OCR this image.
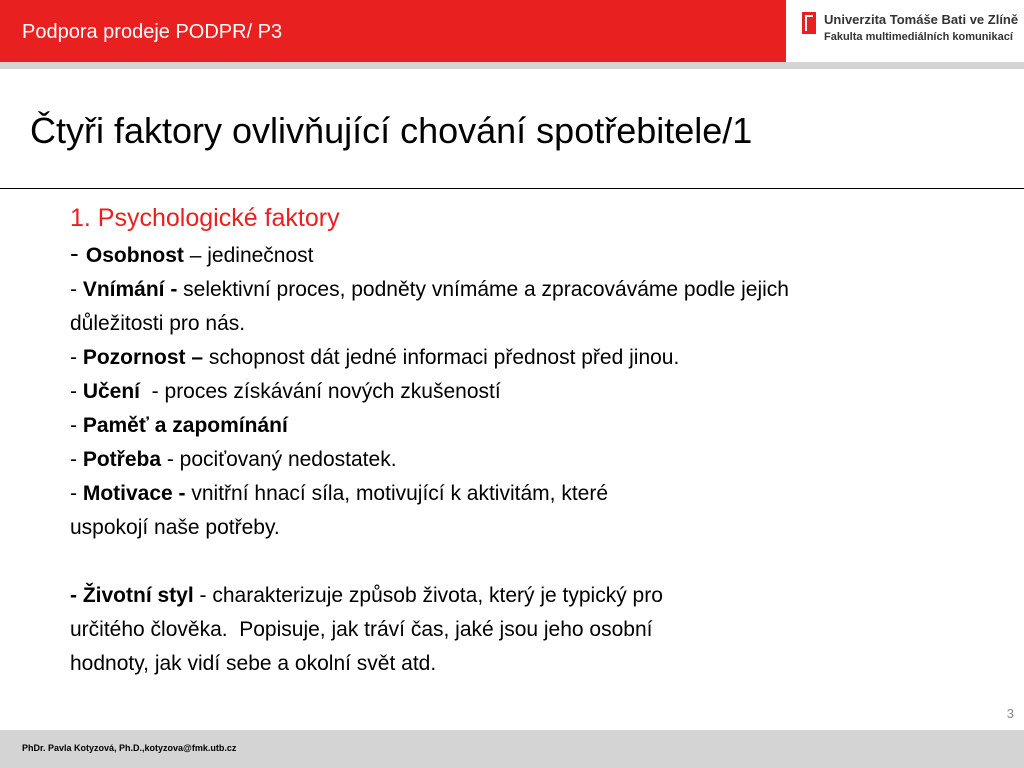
Podpora prodeje PODPR/ P3
Univerzita Tomáše Bati ve Zlíně
Fakulta multimediálních komunikací
Čtyři faktory ovlivňující chování spotřebitele/1

1. Psychologické faktory

- Osobnost – jedinečnost

- Vnímání - selektivní proces, podněty vnímáme a zpracováváme podle jejich
důležitosti pro nás.

- Pozornost – schopnost dát jedné informaci přednost před jinou.

- Učení  - proces získávání nových zkušeností

- Paměť a zapomínání

- Potřeba - pociťovaný nedostatek.

- Motivace - vnitřní hnací síla, motivující k aktivitám, které
uspokojí naše potřeby.

- Životní styl - charakterizuje způsob života, který je typický pro
určitého člověka.  Popisuje, jak tráví čas, jaké jsou jeho osobní
hodnoty, jak vidí sebe a okolní svět atd.

3
PhDr. Pavla Kotyzová, Ph.D.,kotyzova@fmk.utb.cz
